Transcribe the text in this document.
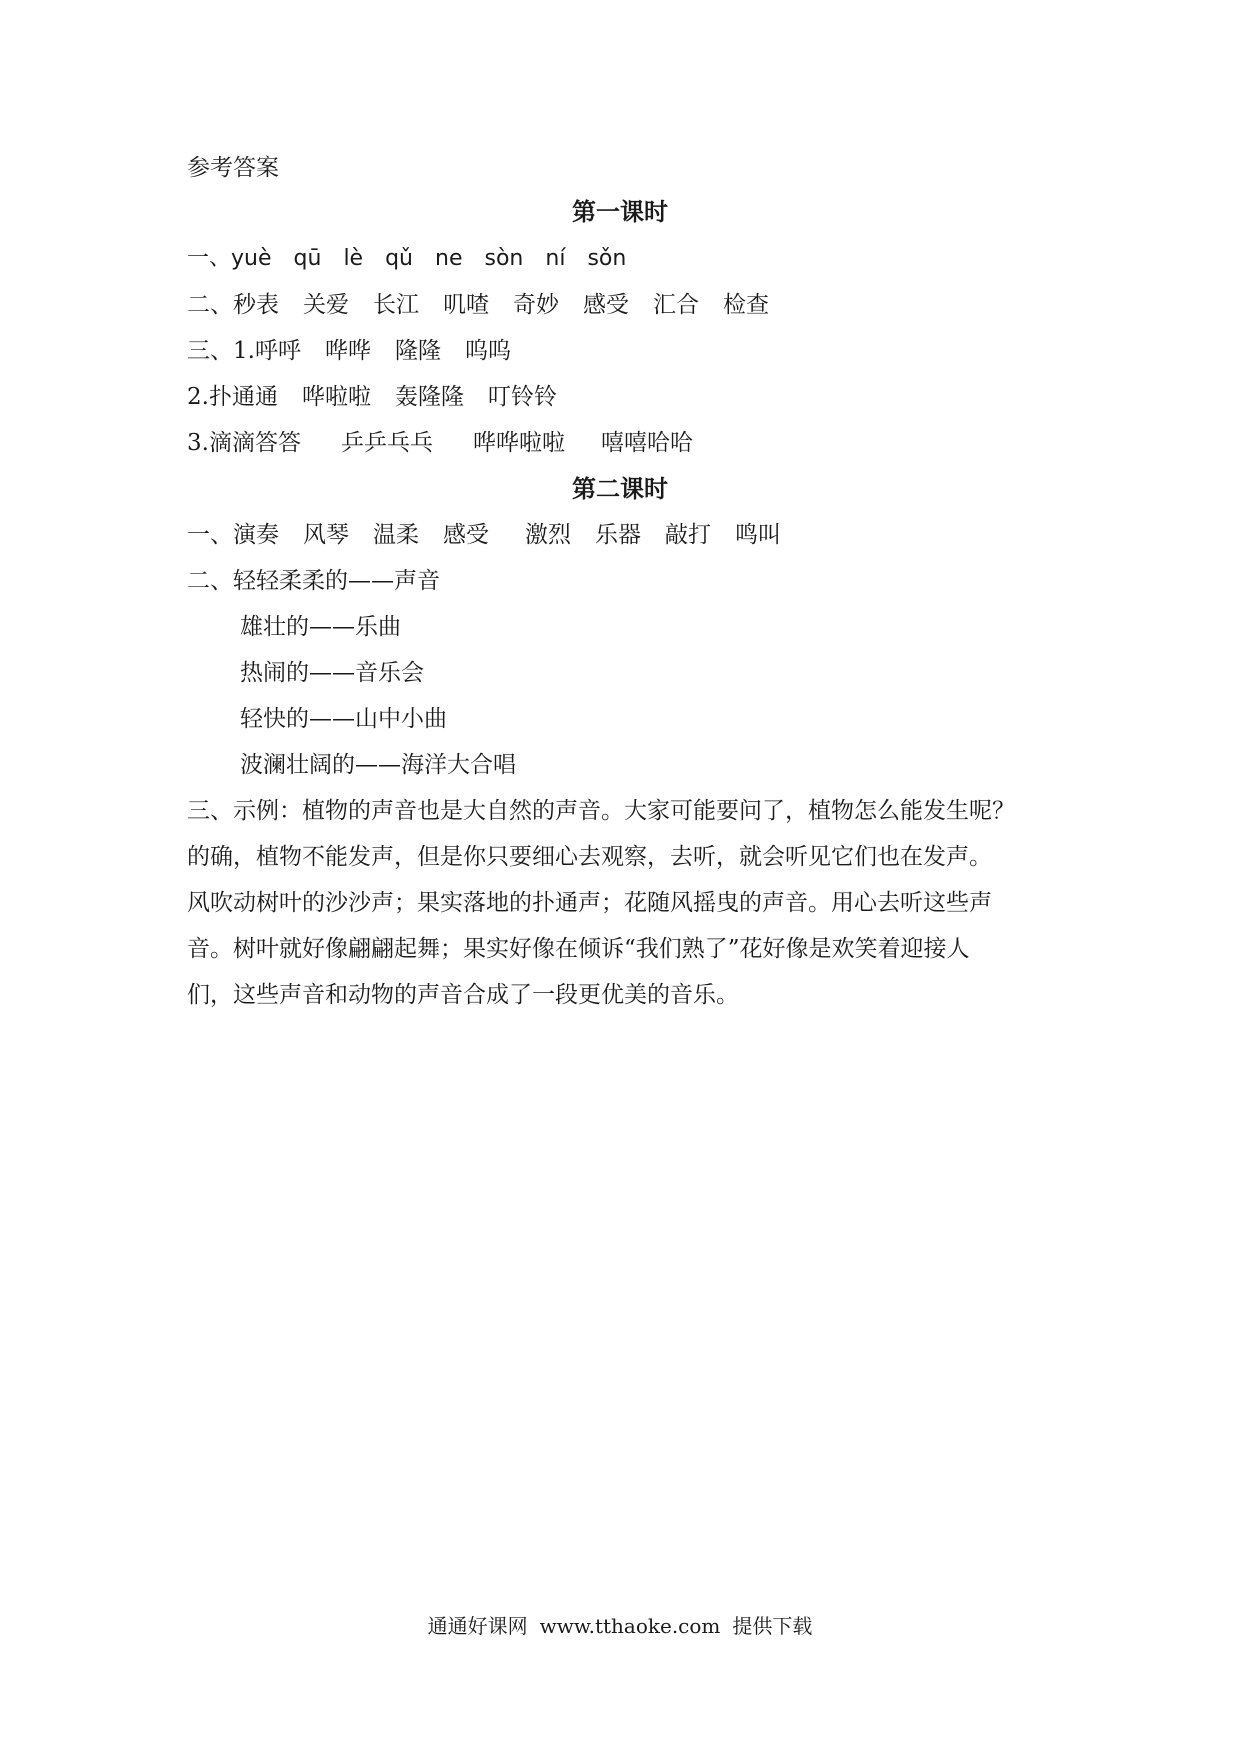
参考答案
第一课时
一、yuè qū lè qǔ ne sòn ní sǒn
二、秒表 关爱 长江 叽喳 奇妙 感受 汇合 检查
三、1.呼呼 哗哗 隆隆 呜呜
2.扑通通 哗啦啦 轰隆隆 叮铃铃
3.滴滴答答 乒乒乓乓 哗哗啦啦 嘻嘻哈哈
第二课时
一、演奏 风琴 温柔 感受 激烈 乐器 敲打 鸣叫
二、轻轻柔柔的——声音
雄壮的——乐曲
热闹的——音乐会
轻快的——山中小曲
波澜壮阔的——海洋大合唱
三、示例：植物的声音也是大自然的声音。大家可能要问了，植物怎么能发生呢？
的确，植物不能发声，但是你只要细心去观察，去听，就会听见它们也在发声。
风吹动树叶的沙沙声；果实落地的扑通声；花随风摇曳的声音。用心去听这些声
音。树叶就好像翩翩起舞；果实好像在倾诉“我们熟了”花好像是欢笑着迎接人
们，这些声音和动物的声音合成了一段更优美的音乐。
通通好课网 www.tthaoke.com 提供下载
